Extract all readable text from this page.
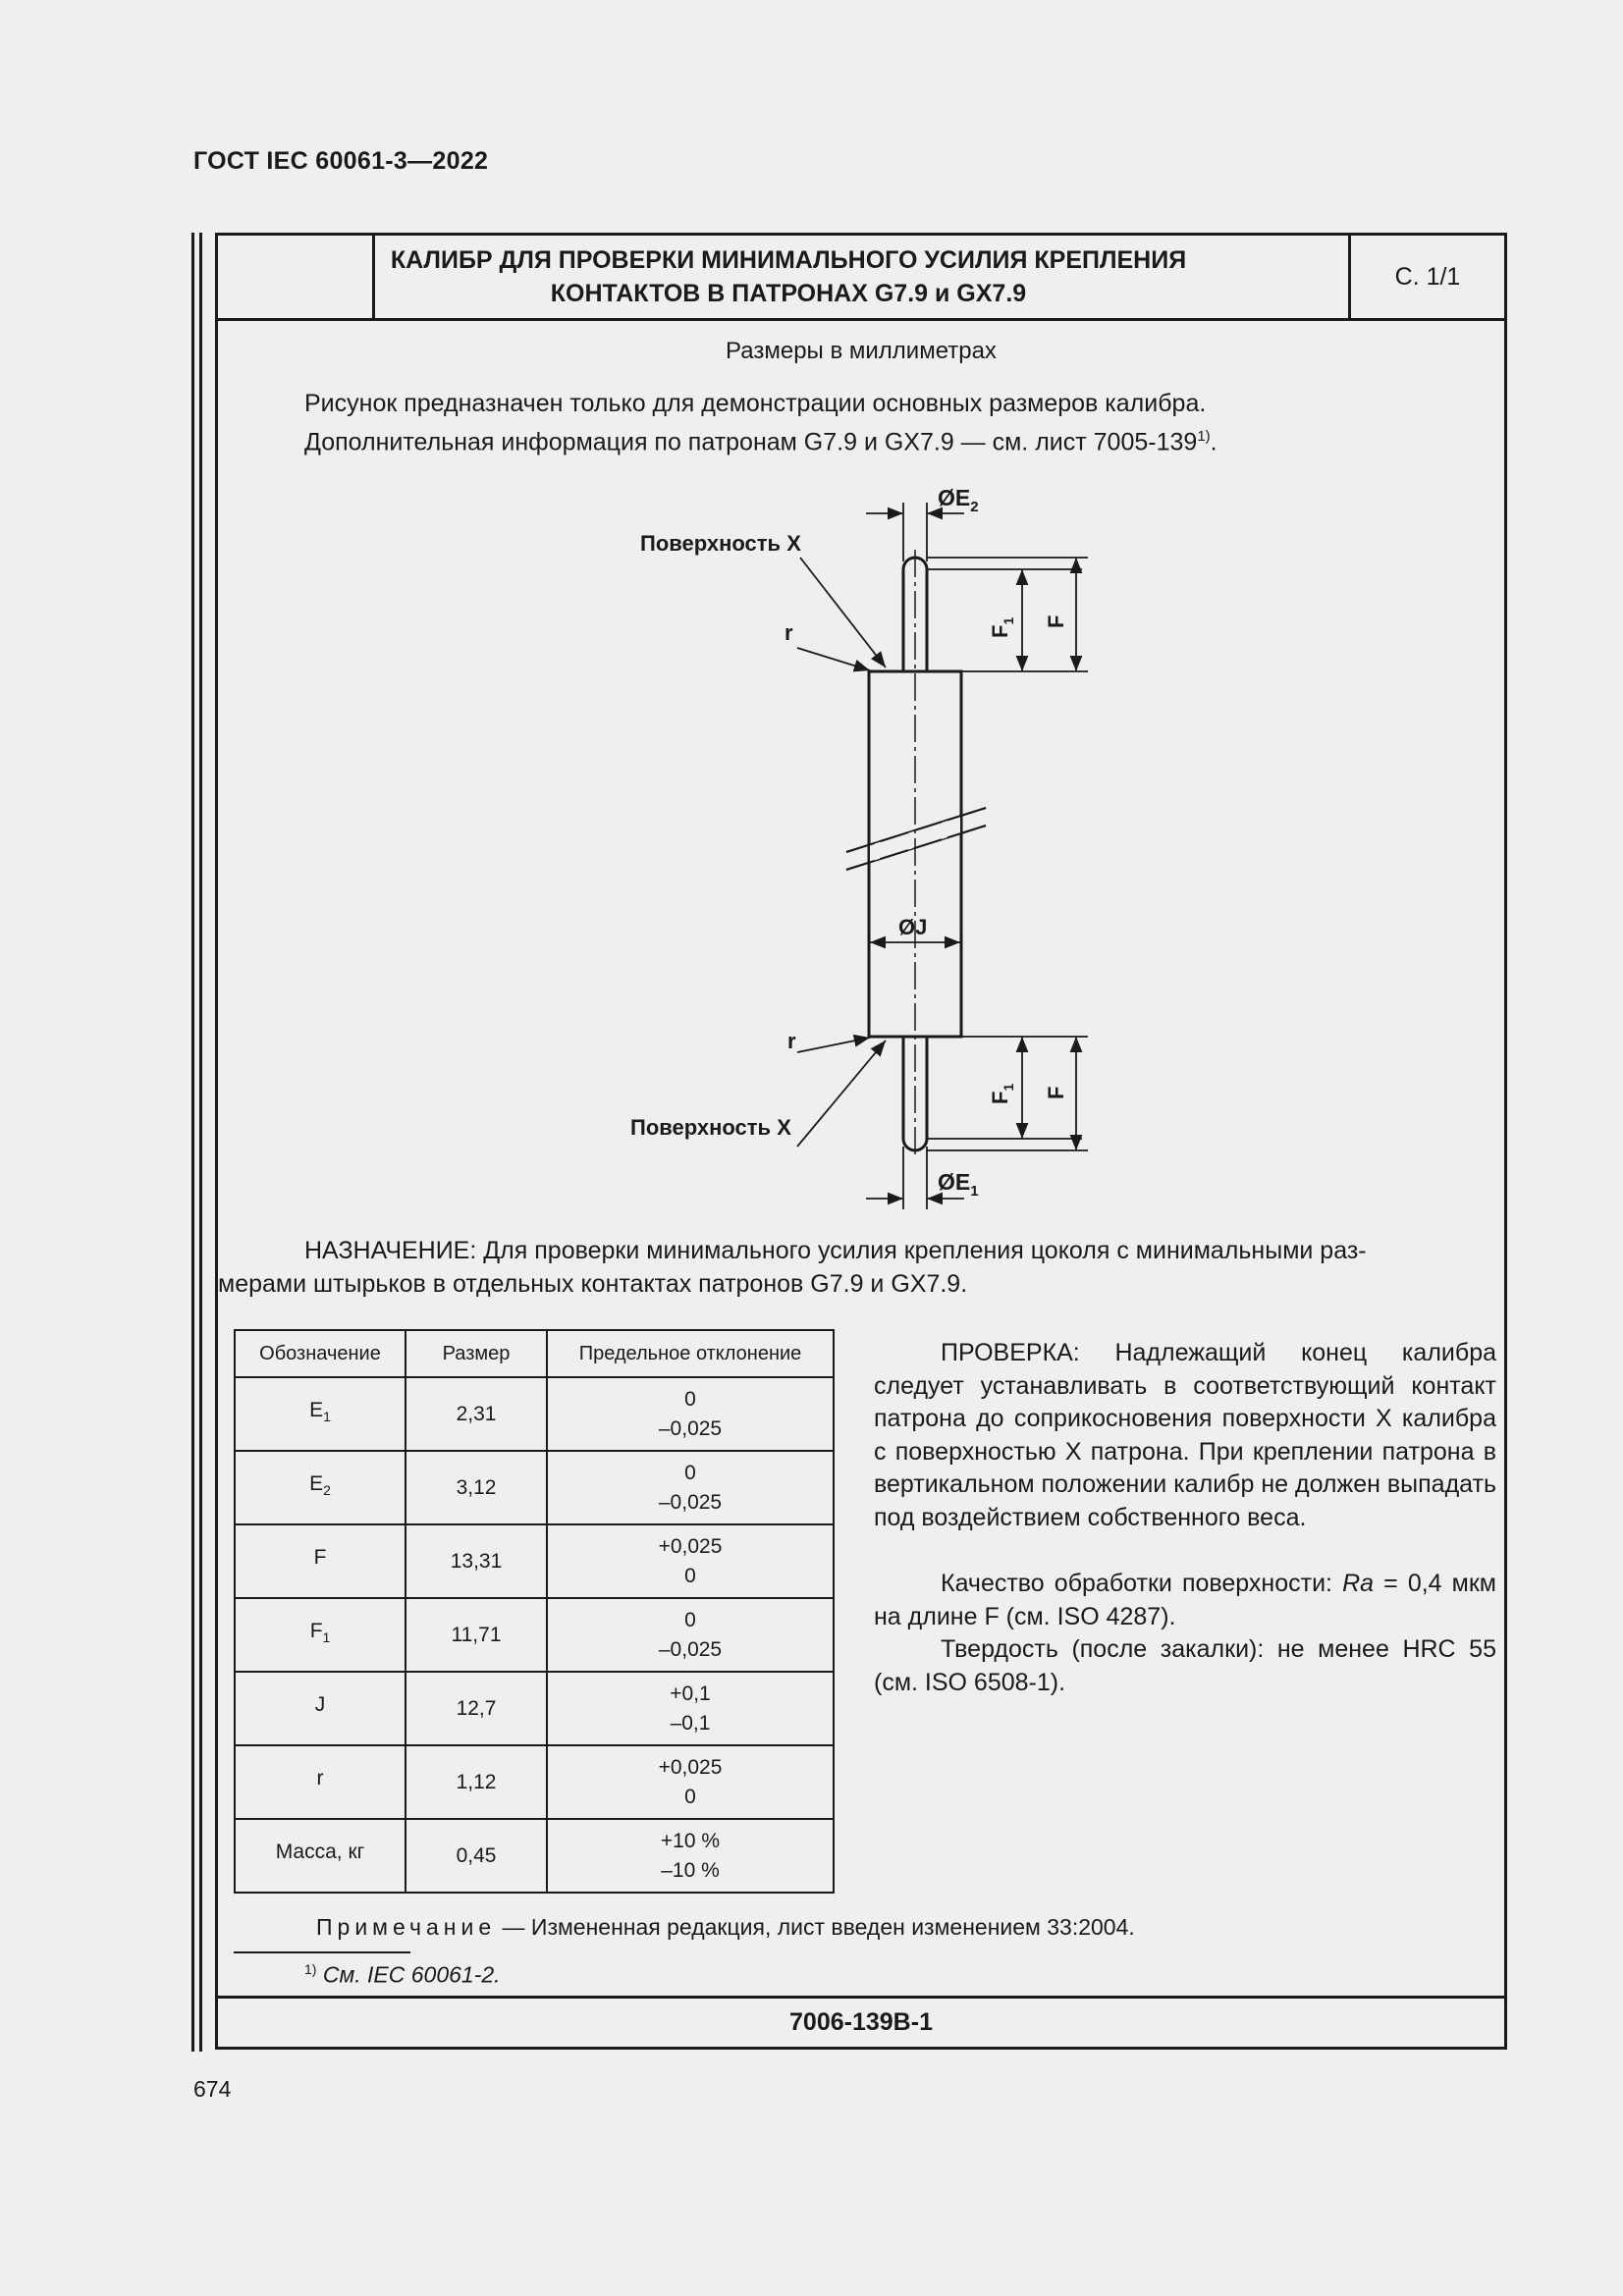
ГОСТ IEC 60061-3—2022
КАЛИБР ДЛЯ ПРОВЕРКИ МИНИМАЛЬНОГО УСИЛИЯ КРЕПЛЕНИЯ
КОНТАКТОВ В ПАТРОНАХ G7.9 и GX7.9
С. 1/1
Размеры в миллиметрах
Рисунок предназначен только для демонстрации основных размеров калибра.
Дополнительная информация по патронам G7.9 и GX7.9 — см. лист 7005-139$^{1)}$.
$ØE_2$
$ØE_1$
ØJ
Поверхность X
r
r
Поверхность X
$F_1$ F
$F_1$ F
НАЗНАЧЕНИЕ: Для проверки минимального усилия крепления цоколя с минимальными раз-
мерами штырьков в отдельных контактах патронов G7.9 и GX7.9.
Обозначение	Размер	Предельное отклонение
$E_1$	2,31	0
–0,025

$E_2$	3,12	0
–0,025

F	13,31	+0,025
0

$F_1$	11,71	0
–0,025

J	12,7	+0,1
–0,1

r	1,12	+0,025
0

Масса, кг	0,45	+10 %
–10 %

ПРОВЕРКА: Надлежащий конец калибра следует устанавливать в соответствующий контакт патрона до соприкосновения поверхности X калибра с поверхностью X патрона. При креплении патрона в вертикальном положении калибр не должен выпадать под воздействием собственного веса.

Качество обработки поверхности: Ra = 0,4 мкм на длине F (см. ISO 4287).

Твердость (после закалки): не менее HRC 55 (см. ISO 6508-1).

Примечание — Измененная редакция, лист введен изменением 33:2004.
$^{1)}$ См. IEC 60061-2.
7006-139B-1
674
